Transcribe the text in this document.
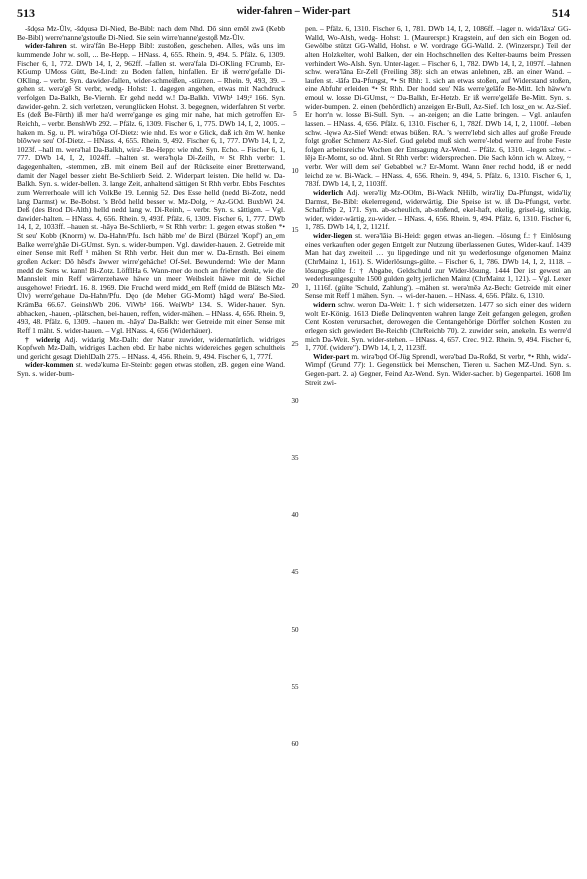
513	wider-fahren – Wider-part	514

-šdǫsə Mz-Ülv, -šdǫusə Di-Nied, Be-Bibl: nach dem Nhd. Dō sinn emōl zwā (Kebb Be-Bibl) werre'nanne'gstouße Di-Nied. Sie sein wirre'nanne'gestǫß Mz-Ülv.

wider-fahren st. wirə'fān Be-Hepp Bibl: zustoßen, geschehen. Alles, wās uns im kummende Johr w. soll, ... Be-Hepp. – HNass. 4, 655. Rhein. 9, 494. 5. Pfälz. 6, 1309. Fischer 6, 1, 772. DWb 14, I, 2, 962ff. –fallen st. werə'fala Di-OKling FCrumb, Er-KGump UMoss Gütt, Be-Lind: zu Boden fallen, hinfallen. Er iß werre'gefalle Di-OKling. – verbr. Syn. dawider-fallen, wider-schmeißen, -stürzen. – Rhein. 9, 493, 39. –gehen st. werə'gē St verbr, wedg- Hohst: 1. dagegen angehen, etwas mit Nachdruck verfolgen Da-Balkh, Be-Viernh. Er gehd nedd w.! Da-Balkh. ViWb¹ 149;² 166. Syn. dawider-gehn. 2. sich verletzen, verunglücken Hohst. 3. begegnen, widerfahren St verbr. Es (deß Be-Fürth) iß mer ha'd werre'gange es ging mir nahe, hat mich getroffen Er-Reichh, – verbr. BenshWb 292. – Pfälz. 6, 1309. Fischer 6, 1, 775. DWb 14, I, 2, 1005. –haken m. Sg. u. Pl. wirə'hōgə Of-Dietz: wie nhd. Es wor e Glick, daß ich ēm W. henke blōwwe seu' Of-Dietz. – HNass. 4, 655. Rhein. 9, 492. Fischer 6, 1, 777. DWb 14, I, 2, 1023f. –hall m. werə'hal Da-Balkh, wirə'- Be-Hepp: wie nhd. Syn. Echo. – Fischer 6, 1, 777. DWb 14, I, 2, 1024ff. –halten st. werə'hǫlə Di-Zeilh, ≈ St Rhh verbr: 1. dagegenhalten, -stemmen, zB. mit einem Beil auf der Rückseite einer Bretterwand, damit der Nagel besser zieht Be-Schlierb Seid. 2. Widerpart leisten. Die helld w. Da-Balkh. Syn. s. wider-bellen. 3. lange Zeit, anhaltend sättigen St Rhh verbr. Ebbs Feschtes zum Werrerhoale will ich VolkBe 19. Lennig 52. Des Esse helld (nedd Bi-Zotz, nedd lang Darmst) w. Be-Bobst. 's Bröd helld besser w. Mz-Dolg, ~ Az-GOd. BuxbWi 24. Deß (des Brod Di-Alth) helld nedd lang w. Di-Reinh, – verbr. Syn. s. sättigen. – Vgl. dawider-halten. – HNass. 4, 656. Rhein. 9, 493f. Pfälz. 6, 1309. Fischer 6, 1, 777. DWb 14, I, 2, 1033ff. –hauen st. -hāyə Be-Schlierb, ≈ St Rhh verbr: 1. gegen etwas stoßen *• St seu' Kobb (Knorrn) w. Da-Hahn/Pfu. Isch häbb me' de Birzl (Bürzel 'Kopf') an_em Balke werre'ghāe Di-GUmst. Syn. s. wider-bumpen. Vgl. dawider-hauen. 2. Getreide mit einer Sense mit Reff ¹ mähen St Rhh verbr. Heit dun mer w. Da-Ernsth. Bei einem großen Acker: Dō hēsd's āwwer wirre'gehäche! Of-Sel. Bewundernd: Wie der Mann medd de Sens w. kann! Bi-Zotz. LöfflHa 6. Wann-mer do noch an frieher denkt, wie die Mannsleit min Reff wärrerzehawe häwe un meer Weibsleit häwe mit de Sichel ausgehowe! FriedrL 16. 8. 1969. Die Fruchd werd midd_em Reff (midd de Blätsch Mz-Ülv) werre'gehaue Da-Hahn/Pfu. Dęo (de Meher GG-Momt) hāgd wera' Be-Sied. KrämBa 66.67. GeinshWb 206. ViWb² 166. WeiWb² 134. S. Wider-hauer. Syn. abhacken, -hauen, -plätschen, bei-hauen, reffen, wider-mähen. – HNass. 4, 656. Rhein. 9, 493, 48. Pfälz. 6, 1309. –hauen m. -hāyə' Da-Balkh: wer Getreide mit einer Sense mit Reff 1 mäht. S. wider-hauen. – Vgl. HNass. 4, 656 (Widerhäuer).

† widerig Adj. widarig Mz-Dalh: der Natur zuwider, widernatürlich. widriges Kopfweh Mz-Dalh, widriges Lachen ebd. Er habe nichts widereiches gegen schultheis und gericht gesagt DiehlDalh 275. – HNass. 4, 456. Rhein. 9, 494. Fischer 6, 1, 777f.

wider-kommen st. wedə'kumə Er-Steinb: gegen etwas stoßen, zB. gegen eine Wand. Syn. s. wider-bum-

5
10
15
20
25
30
35
40
45
50
55
60

pen. – Pfälz. 6, 1310. Fischer 6, 1, 781. DWb 14, I, 2, 1086ff. –lager n. widə'lāxə' GG-Walld, Wo-Alsh, wedg- Hohst: 1. (Maurerspr.) Kragstein, auf den sich ein Bogen od. Gewölbe stützt GG-Walld, Hohst. e W. vordrage GG-Walld. 2. (Winzerspr.) Teil der alten Holzkelter, wohl Balken, der ein Hochschnellen des Kelter-baums beim Pressen verhindert Wo-Alsh. Syn. Unter-lager. – Fischer 6, 1, 782. DWb 14, I, 2, 1097f. –lahnen schw. werə'lāna Er-Zell (Freiling 38): sich an etwas anlehnen, zB. an einer Wand. –laufen st. -lāfə Da-Pfungst, *• St Rhh: 1. sich an etwas stoßen, auf Widerstand stoßen, eine Abfuhr erleiden *• St Rhh. Der hodd seu' Nās werre'gelāfe Be-Mitt. Ich häww'n emoul w. losse Di-GUmst, ~ Da-Balkh, Er-Hetzb. Er iß werre'gelāfe Be-Mitt. Syn. s. wider-bumpen. 2. einen (behördlich) anzeigen Er-Bull, Az-Sief. Ich losz_en w. Az-Sief. Er horr'n w. losse Bi-Sull. Syn. → an-zeigen; an die Latte bringen. – Vgl. anlaufen lassen. – HNass. 4, 656. Pfälz. 6, 1310. Fischer 6, 1, 782f. DWb 14, I, 2, 1100f. –leben schw. -lęwə Az-Sief Wend: etwas büßen. RA. 's werre'lebd sich alles auf große Freude folgt großer Schmerz Az-Sief. Gud gelebd muß sich werre'-lebd werre auf frohe Feste folgen arbeitsreiche Wochen der Entsagung Az-Wend. – Pfälz. 6, 1310. –legen schw. -lējə Er-Momt, so od. ähnl. St Rhh verbr: widersprechen. Die Sach könn ich w. Alzey, ~ verbr. Wer will dem sei' Gebabbel w.? Er-Momt. Wann ēner rechd hodd, iß er nedd leichd ze w. Bi-Wack. – HNass. 4, 656. Rhein. 9, 494, 5. Pfälz. 6, 1310. Fischer 6, 1, 783f. DWb 14, I, 2, 1103ff.

widerlich Adj. werə'liχ Mz-OOlm, Bi-Wack NHilb, wirə'liχ Da-Pfungst, widə'liχ Darmst, Be-Bibl: ekelerregend, widerwärtig. Die Speise ist w. iß Da-Pfungst, verbr. SchaffnSp 2, 171. Syn. ab-scheulich, ab-stoßend, ekel-haft, ekelig, grisel-ig, stinkig, wider, wider-wärtig, zu-wider. – HNass. 4, 656. Rhein. 9, 494. Pfälz. 6, 1310. Fischer 6, 1, 785. DWb 14, I, 2, 1121f.

wider-liegen st. werə'lāiə Bi-Heid: gegen etwas an-liegen. –lösung f.: † Einlösung eines verkauften oder gegen Entgelt zur Nutzung überlassenen Gutes, Wider-kauf. 1439 Man hat daʒ zweiteil … ʒu lipgedinge und nit ʒu wederlosunge ofgenomen Mainz (ChrMainz 1, 161). S. Widerlösungs-gülte. – Fischer 6, 1, 786. DWb 14, I, 2, 1118. –lösungs-gülte f.: † Abgabe, Geldschuld zur Wider-lösung. 1444 Der ist gewest an wederlusungesgulte 1500 gulden geltʒ jerlichen Mainz (ChrMainz 1, 121). – Vgl. Lexer 1, 1116f. (gülte 'Schuld, Zahlung'). –mähen st. werə'mēə Az-Bech: Getreide mit einer Sense mit Reff 1 mähen. Syn. → wi-der-hauen. – HNass. 4, 656. Pfälz. 6, 1310.

widern schw. weron Da-Weit: 1. † sich widersetzen. 1477 so sich einer des widern wolt Er-König. 1613 Dieße Delinqventen wahren lange Zeit gefangen gelegen, großen Cent Kosten verursachet, derowegen die Centangehörige Dörffer solchen Kosten zu erlegen sich gewiedert Be-Reichb (ChrReichb 70). 2. zuwider sein, anekeln. Es werre'd mich Da-Weit. Syn. wider-stehen. – HNass. 4, 657. Crec. 912. Rhein. 9, 494. Fischer 6, 1, 770f. (widere"). DWb 14, I, 2, 1123ff.

Wider-part m. wirə'bǫd Of-Jüg Sprendl, werə'bad Da-Roßd, St verbr, *• Rhh, widə'- Wimpf (Grund 77): 1. Gegenstück bei Menschen, Tieren u. Sachen MZ-Und. Syn. s. Gegen-part. 2. a) Gegner, Feind Az-Wend. Syn. Wider-sacher. b) Gegenpartei. 1608 Im Streit zwi-
